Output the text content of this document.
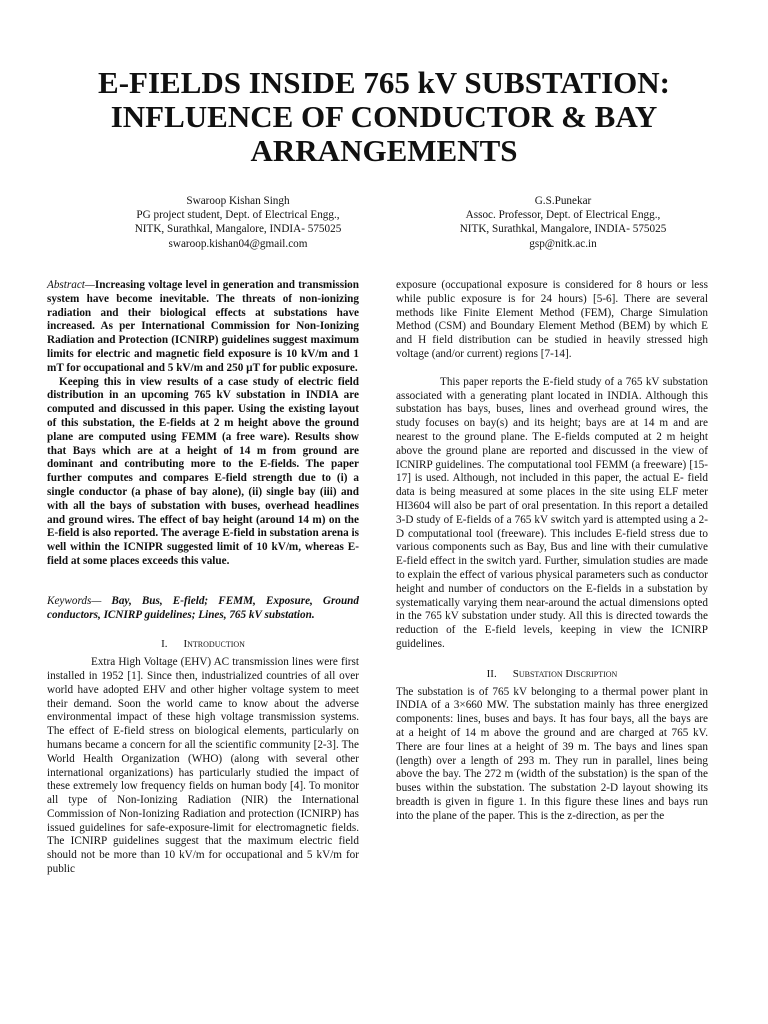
E-FIELDS INSIDE 765 kV SUBSTATION: INFLUENCE OF CONDUCTOR & BAY ARRANGEMENTS
Swaroop Kishan Singh
PG project student, Dept. of Electrical Engg.,
NITK, Surathkal, Mangalore, INDIA- 575025
swaroop.kishan04@gmail.com
G.S.Punekar
Assoc. Professor, Dept. of Electrical Engg.,
NITK, Surathkal, Mangalore, INDIA- 575025
gsp@nitk.ac.in

Abstract—Increasing voltage level in generation and transmission system have become inevitable. The threats of non-ionizing radiation and their biological effects at substations have increased. As per International Commission for Non-Ionizing Radiation and Protection (ICNIRP) guidelines suggest maximum limits for electric and magnetic field exposure is 10 kV/m and 1 mT for occupational and 5 kV/m and 250 µT for public exposure.

Keeping this in view results of a case study of electric field distribution in an upcoming 765 kV substation in INDIA are computed and discussed in this paper. Using the existing layout of this substation, the E-fields at 2 m height above the ground plane are computed using FEMM (a free ware). Results show that Bays which are at a height of 14 m from ground are dominant and contributing more to the E-fields. The paper further computes and compares E-field strength due to (i) a single conductor (a phase of bay alone), (ii) single bay (iii) and with all the bays of substation with buses, overhead headlines and ground wires. The effect of bay height (around 14 m) on the E-field is also reported. The average E-field in substation arena is well within the ICNIPR suggested limit of 10 kV/m, whereas E-field at some places exceeds this value.

Keywords— Bay, Bus, E-field; FEMM, Exposure, Ground conductors, ICNIRP guidelines; Lines, 765 kV substation.

I. Introduction

Extra High Voltage (EHV) AC transmission lines were first installed in 1952 [1]. Since then, industrialized countries of all over world have adopted EHV and other higher voltage system to meet their demand. Soon the world came to know about the adverse environmental impact of these high voltage transmission systems. The effect of E-field stress on biological elements, particularly on humans became a concern for all the scientific community [2-3]. The World Health Organization (WHO) (along with several other international organizations) has particularly studied the impact of these extremely low frequency fields on human body [4]. To monitor all type of Non-Ionizing Radiation (NIR) the International Commission of Non-Ionizing Radiation and protection (ICNIRP) has issued guidelines for safe-exposure-limit for electromagnetic fields. The ICNIRP guidelines suggest that the maximum electric field should not be more than 10 kV/m for occupational and 5 kV/m for public

exposure (occupational exposure is considered for 8 hours or less while public exposure is for 24 hours) [5-6]. There are several methods like Finite Element Method (FEM), Charge Simulation Method (CSM) and Boundary Element Method (BEM) by which E and H field distribution can be studied in heavily stressed high voltage (and/or current) regions [7-14].

This paper reports the E-field study of a 765 kV substation associated with a generating plant located in INDIA. Although this substation has bays, buses, lines and overhead ground wires, the study focuses on bay(s) and its height; bays are at 14 m and are nearest to the ground plane. The E-fields computed at 2 m height above the ground plane are reported and discussed in the view of ICNIRP guidelines. The computational tool FEMM (a freeware) [15-17] is used. Although, not included in this paper, the actual E- field data is being measured at some places in the site using ELF meter HI3604 will also be part of oral presentation. In this report a detailed 3-D study of E-fields of a 765 kV switch yard is attempted using a 2-D computational tool (freeware). This includes E-field stress due to various components such as Bay, Bus and line with their cumulative E-field effect in the switch yard. Further, simulation studies are made to explain the effect of various physical parameters such as conductor height and number of conductors on the E-fields in a substation by systematically varying them near-around the actual dimensions opted in the 765 kV substation under study. All this is directed towards the reduction of the E-field levels, keeping in view the ICNIRP guidelines.

II. Substation Discription

The substation is of 765 kV belonging to a thermal power plant in INDIA of a 3×660 MW. The substation mainly has three energized components: lines, buses and bays. It has four bays, all the bays are at a height of 14 m above the ground and are charged at 765 kV. There are four lines at a height of 39 m. The bays and lines span (length) over a length of 293 m. They run in parallel, lines being above the bay. The 272 m (width of the substation) is the span of the buses within the substation. The substation 2-D layout showing its breadth is given in figure 1. In this figure these lines and bays run into the plane of the paper. This is the z-direction, as per the
